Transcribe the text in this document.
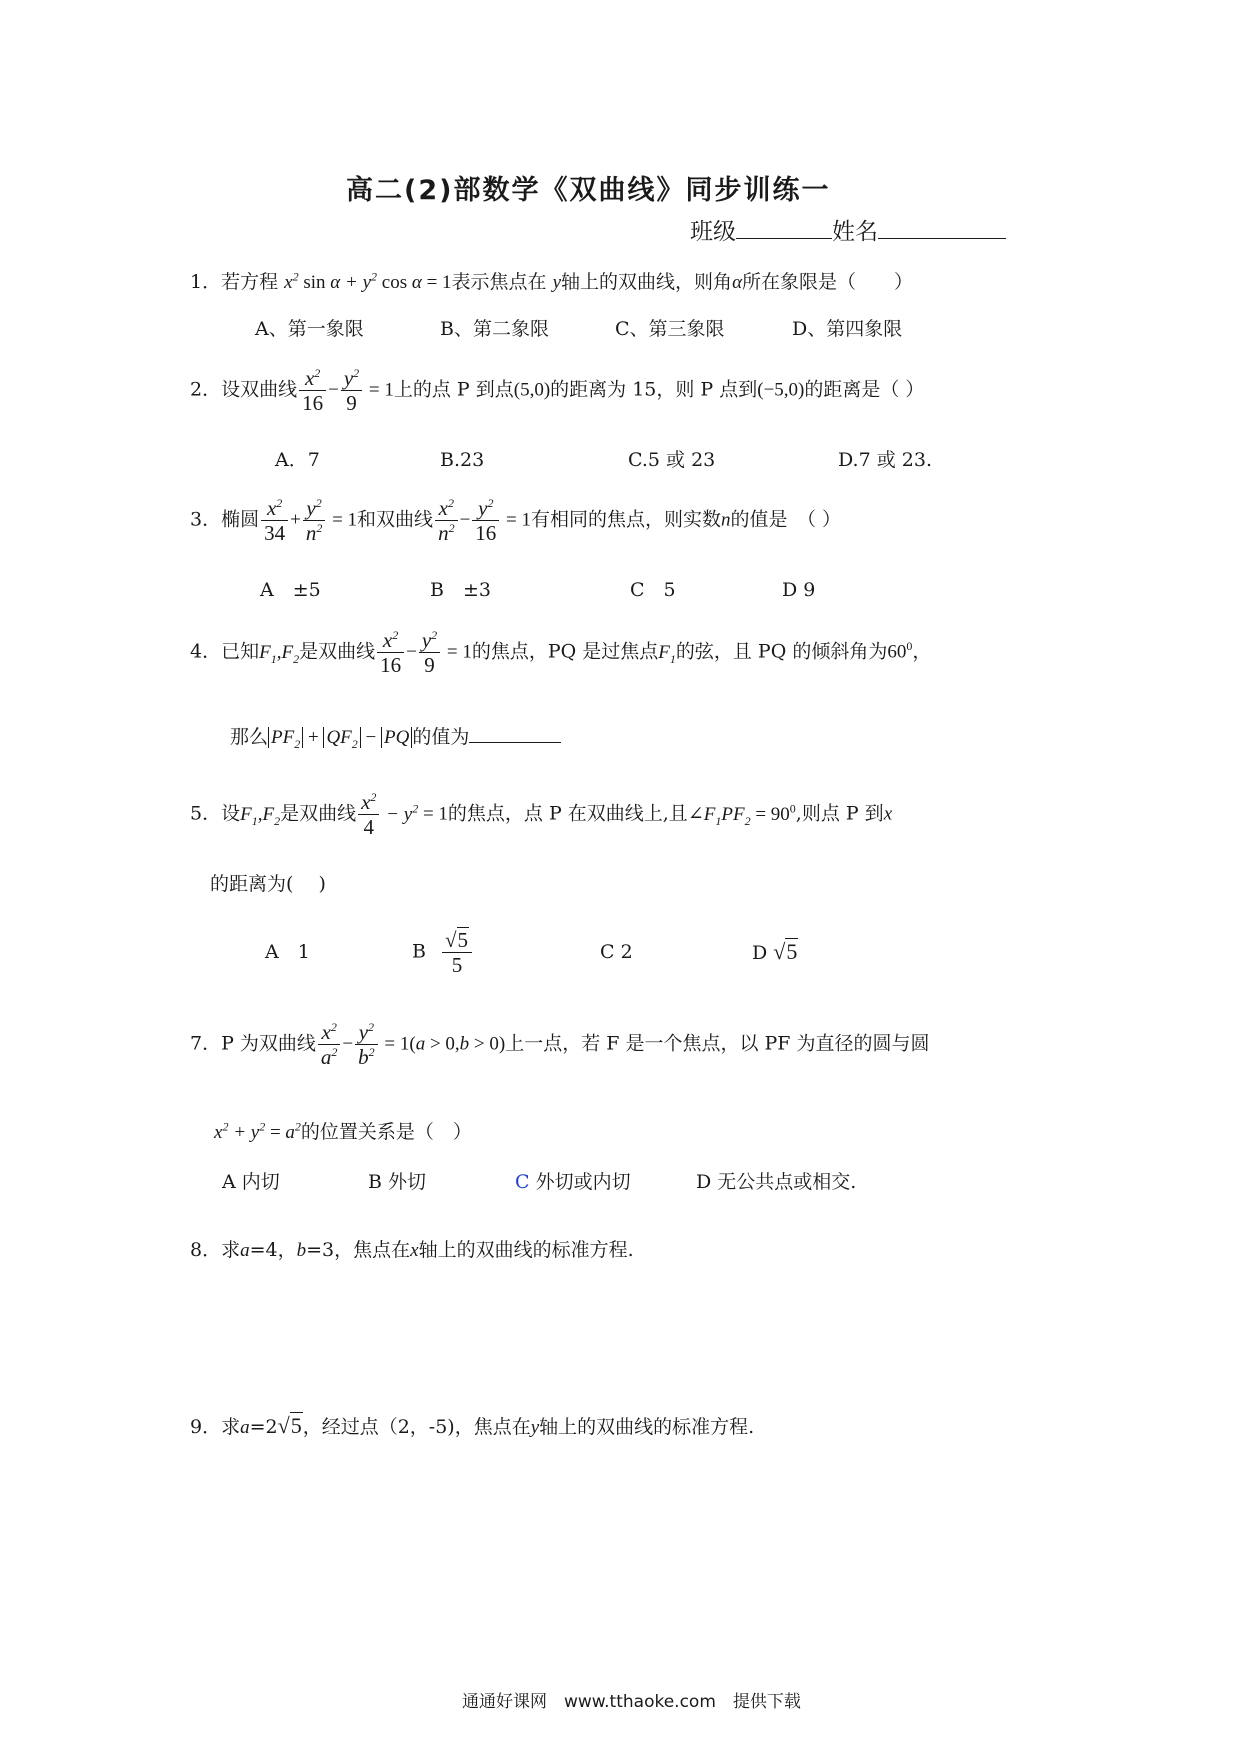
高二(2)部数学《双曲线》同步训练一
班级	姓名
1．若方程 $x^2$ $\sin \alpha + y^2$ cos α = 1表示焦点在 y轴上的双曲线，则角α所在象限是（　　）
A、第一象限	B、第二象限	C、第三象限	D、第四象限
2．设双曲线 $\frac{x^2}{16} - \frac{y^2}{9} = 1$上的点 P 到点(5,0)的距离为 15，则 P 点到(−5,0)的距离是（ ）
A．7	B.23	C.5 或 23	D.7 或 23.
3．椭圆 $\frac{x^2}{34} + \frac{y^2}{n^2} = 1$和双曲线 $\frac{x^2}{n^2} - \frac{y^2}{16} = 1$有相同的焦点，则实数n的值是　（ ）
A　±5	B　±3	C　5	D 9
4．已知$F_1,F_2$是双曲线 $\frac{x^2}{16} - \frac{y^2}{9} = 1$的焦点，PQ 是过焦点$F_1$的弦，且 PQ 的倾斜角为$60^0$，
那么 $PF_2 + QF_2$ − PQ 的值为
5．设$F_1,F_2$是双曲线 $\frac{x^2}{4} - y^2 = 1$的焦点，点 P 在双曲线上,且$\angle F_1PF_2 = 90^0$,则点 P 到x
的距离为(　 )
A　1	B $\frac{√5}{5}$	C 2	D √5
7．P 为双曲线 $\frac{x^2}{a^2} - \frac{y^2}{b^2} = 1(a > 0,b > 0)$上一点，若 F 是一个焦点，以 PF 为直径的圆与圆
$x^2 + y^2 = a^2$的位置关系是（　）
A 内切	B 外切	C 外切或内切	D 无公共点或相交.
8．求a=4，b=3，焦点在x轴上的双曲线的标准方程.
9．求a=2√5，经过点（2，-5)，焦点在y轴上的双曲线的标准方程.
通通好课网　www.tthaoke.com　提供下载
